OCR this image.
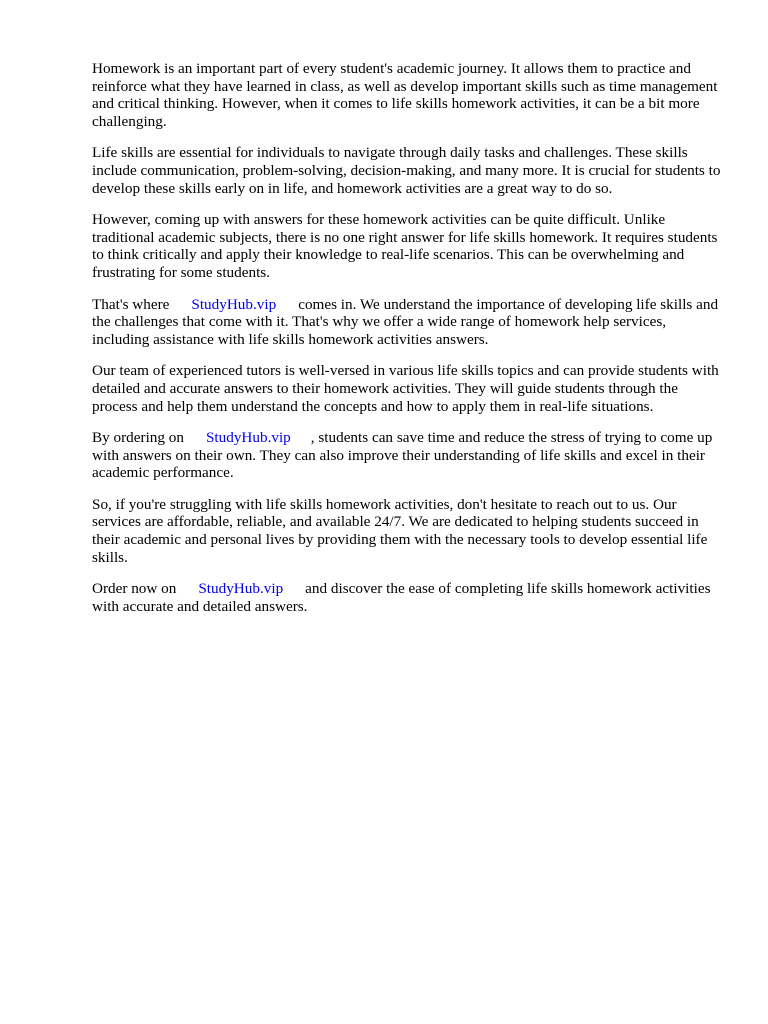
Homework is an important part of every student's academic journey. It allows them to practice and reinforce what they have learned in class, as well as develop important skills such as time management and critical thinking. However, when it comes to life skills homework activities, it can be a bit more challenging.

Life skills are essential for individuals to navigate through daily tasks and challenges. These skills include communication, problem-solving, decision-making, and many more. It is crucial for students to develop these skills early on in life, and homework activities are a great way to do so.

However, coming up with answers for these homework activities can be quite difficult. Unlike traditional academic subjects, there is no one right answer for life skills homework. It requires students to think critically and apply their knowledge to real-life scenarios. This can be overwhelming and frustrating for some students.

That's where StudyHub.vip comes in. We understand the importance of developing life skills and the challenges that come with it. That's why we offer a wide range of homework help services, including assistance with life skills homework activities answers.

Our team of experienced tutors is well-versed in various life skills topics and can provide students with detailed and accurate answers to their homework activities. They will guide students through the process and help them understand the concepts and how to apply them in real-life situations.

By ordering on StudyHub.vip , students can save time and reduce the stress of trying to come up with answers on their own. They can also improve their understanding of life skills and excel in their academic performance.

So, if you're struggling with life skills homework activities, don't hesitate to reach out to us. Our services are affordable, reliable, and available 24/7. We are dedicated to helping students succeed in their academic and personal lives by providing them with the necessary tools to develop essential life skills.

Order now on StudyHub.vip and discover the ease of completing life skills homework activities with accurate and detailed answers.
